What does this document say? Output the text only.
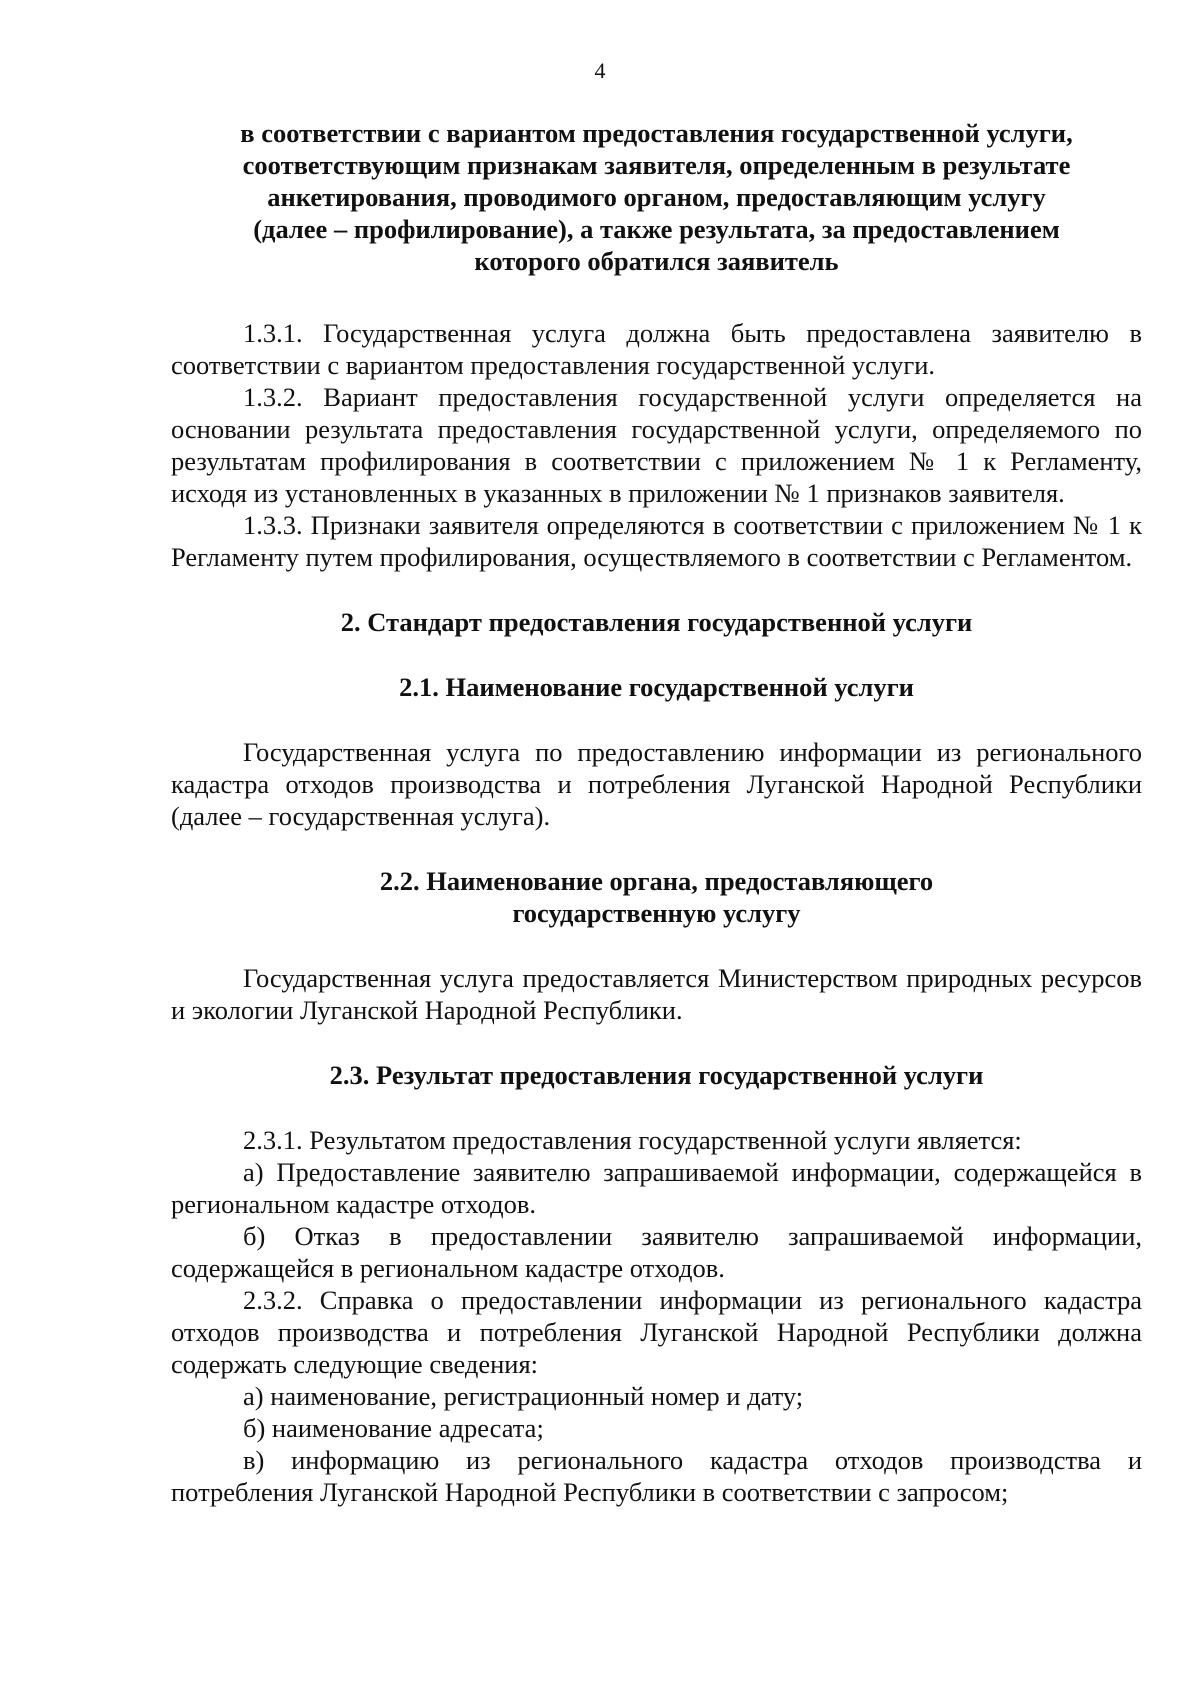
4

в соответствии с вариантом предоставления государственной услуги,
соответствующим признакам заявителя, определенным в результате
анкетирования, проводимого органом, предоставляющим услугу
(далее – профилирование), а также результата, за предоставлением
которого обратился заявитель

1.3.1. Государственная услуга должна быть предоставлена заявителю в соответствии с вариантом предоставления государственной услуги.

1.3.2. Вариант предоставления государственной услуги определяется на основании результата предоставления государственной услуги, определяемого по результатам профилирования в соответствии с приложением № 1 к Регламенту, исходя из установленных в указанных в приложении № 1 признаков заявителя.

1.3.3. Признаки заявителя определяются в соответствии с приложением № 1 к Регламенту путем профилирования, осуществляемого в соответствии с Регламентом.

2. Стандарт предоставления государственной услуги

2.1. Наименование государственной услуги

Государственная услуга по предоставлению информации из регионального кадастра отходов производства и потребления Луганской Народной Республики (далее – государственная услуга).

2.2. Наименование органа, предоставляющего
государственную услугу

Государственная услуга предоставляется Министерством природных ресурсов и экологии Луганской Народной Республики.

2.3. Результат предоставления государственной услуги

2.3.1. Результатом предоставления государственной услуги является:

а) Предоставление заявителю запрашиваемой информации, содержащейся в региональном кадастре отходов.

б) Отказ в предоставлении заявителю запрашиваемой информации, содержащейся в региональном кадастре отходов.

2.3.2. Справка о предоставлении информации из регионального кадастра отходов производства и потребления Луганской Народной Республики должна содержать следующие сведения:

а) наименование, регистрационный номер и дату;

б) наименование адресата;

в) информацию из регионального кадастра отходов производства и потребления Луганской Народной Республики в соответствии с запросом;
